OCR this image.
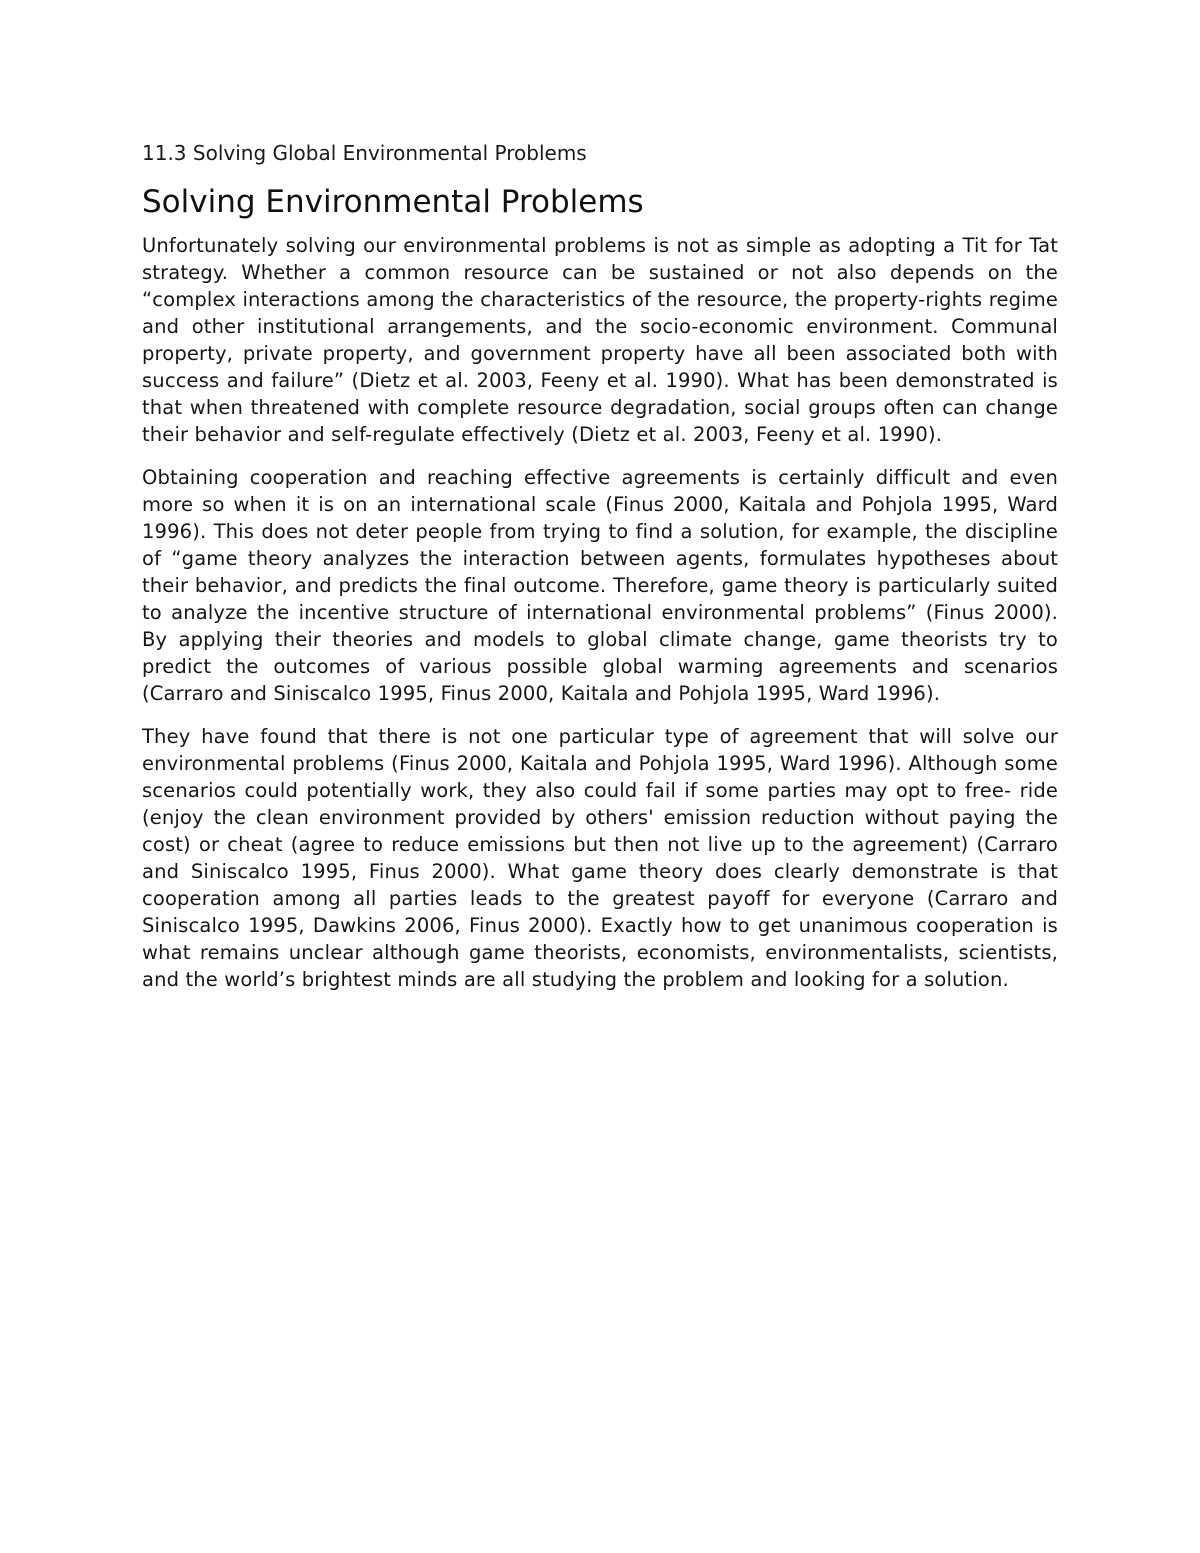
11.3 Solving Global Environmental Problems
Solving Environmental Problems

Unfortunately solving our environmental problems is not as simple as adopting a Tit for Tat strategy. Whether a common resource can be sustained or not also depends on the “complex interactions among the characteristics of the resource, the property-rights regime and other institutional arrangements, and the socio-economic environment. Communal property, private property, and government property have all been associated both with success and failure” (Dietz et al. 2003, Feeny et al. 1990). What has been demonstrated is that when threatened with complete resource degradation, social groups often can change their behavior and self-regulate effectively (Dietz et al. 2003, Feeny et al. 1990).

Obtaining cooperation and reaching effective agreements is certainly difficult and even more so when it is on an international scale (Finus 2000, Kaitala and Pohjola 1995, Ward 1996). This does not deter people from trying to find a solution, for example, the discipline of “game theory analyzes the interaction between agents, formulates hypotheses about their behavior, and predicts the final outcome. Therefore, game theory is particularly suited to analyze the incentive structure of international environmental problems” (Finus 2000). By applying their theories and models to global climate change, game theorists try to predict the outcomes of various possible global warming agreements and scenarios (Carraro and Siniscalco 1995, Finus 2000, Kaitala and Pohjola 1995, Ward 1996).

They have found that there is not one particular type of agreement that will solve our environmental problems (Finus 2000, Kaitala and Pohjola 1995, Ward 1996). Although some scenarios could potentially work, they also could fail if some parties may opt to free- ride (enjoy the clean environment provided by others' emission reduction without paying the cost) or cheat (agree to reduce emissions but then not live up to the agreement) (Carraro and Siniscalco 1995, Finus 2000). What game theory does clearly demonstrate is that cooperation among all parties leads to the greatest payoff for everyone (Carraro and Siniscalco 1995, Dawkins 2006, Finus 2000). Exactly how to get unanimous cooperation is what remains unclear although game theorists, economists, environmentalists, scientists, and the world’s brightest minds are all studying the problem and looking for a solution.
